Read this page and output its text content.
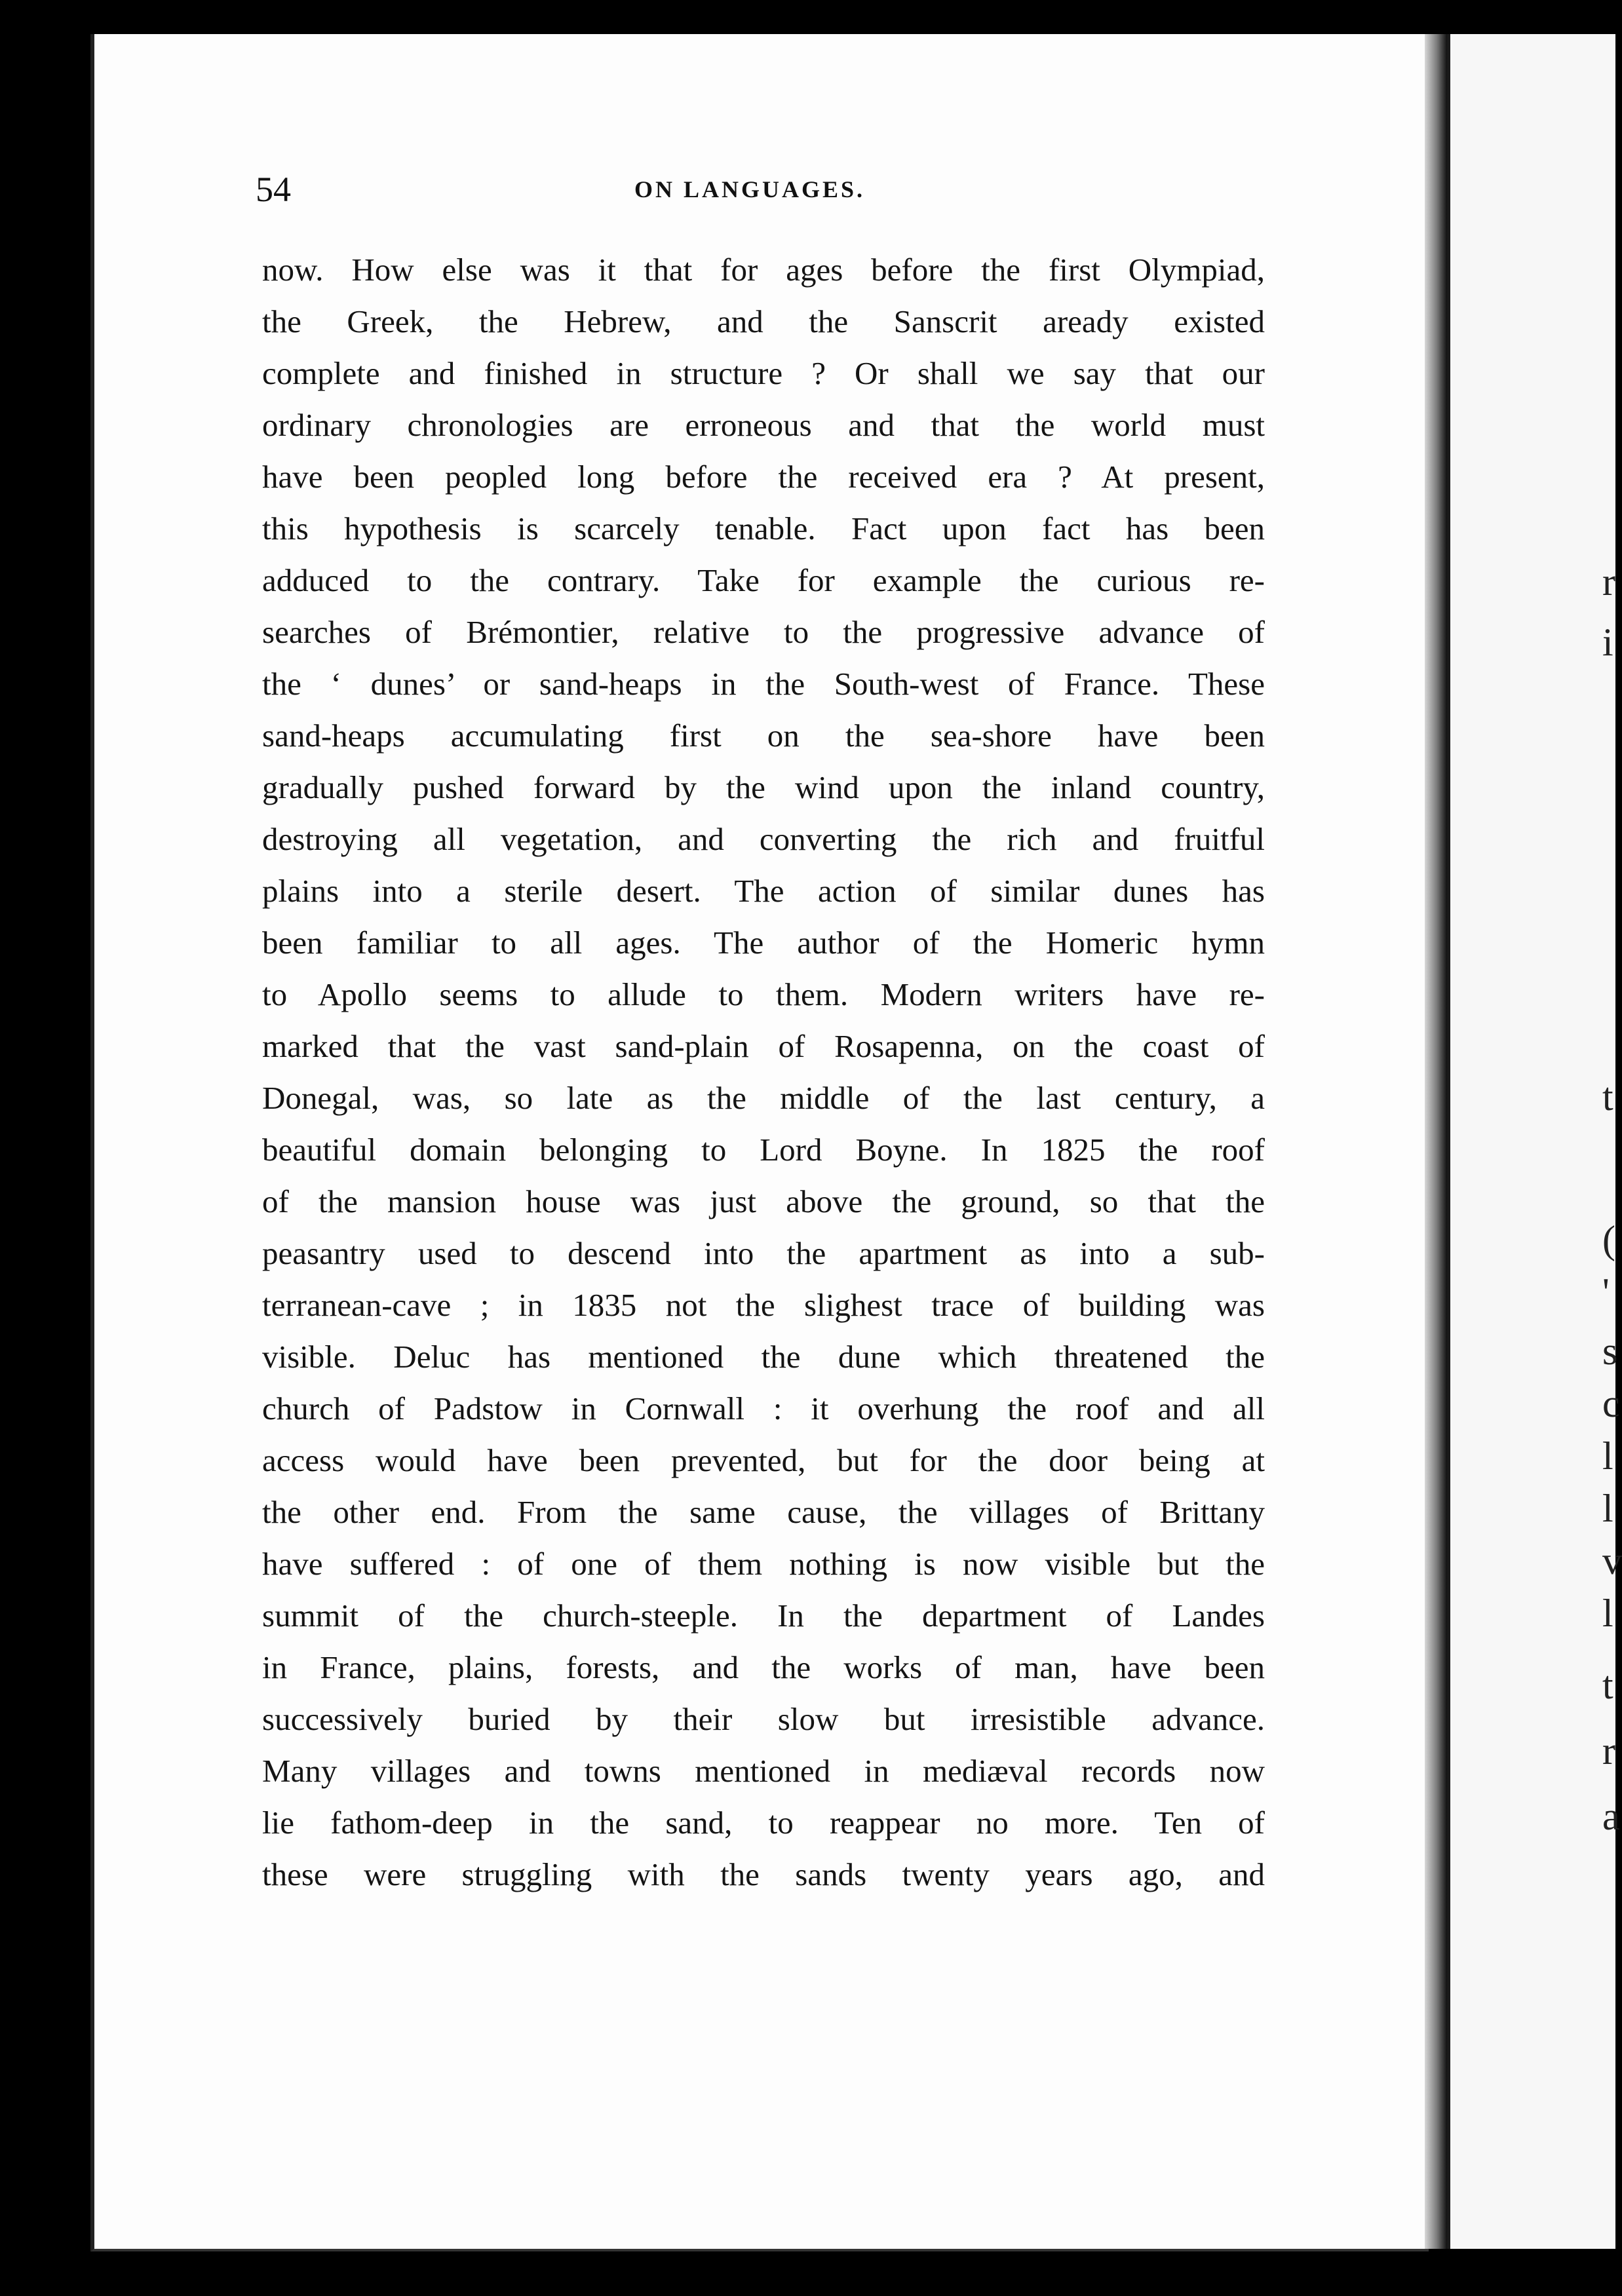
r
i
t
(
'
s
c
l
l
v
l
t
r
a
54	ON LANGUAGES.
now. How else was it that for ages before the first Olympiad,
the Greek, the Hebrew, and the Sanscrit aready existed
complete and finished in structure ? Or shall we say that our
ordinary chronologies are erroneous and that the world must
have been peopled long before the received era ? At present,
this hypothesis is scarcely tenable. Fact upon fact has been
adduced to the contrary. Take for example the curious re-
searches of Brémontier, relative to the progressive advance of
the ‘ dunes’ or sand-heaps in the South-west of France. These
sand-heaps accumulating first on the sea-shore have been
gradually pushed forward by the wind upon the inland country,
destroying all vegetation, and converting the rich and fruitful
plains into a sterile desert. The action of similar dunes has
been familiar to all ages. The author of the Homeric hymn
to Apollo seems to allude to them. Modern writers have re-
marked that the vast sand-plain of Rosapenna, on the coast of
Donegal, was, so late as the middle of the last century, a
beautiful domain belonging to Lord Boyne. In 1825 the roof
of the mansion house was just above the ground, so that the
peasantry used to descend into the apartment as into a sub-
terranean-cave ; in 1835 not the slighest trace of building was
visible. Deluc has mentioned the dune which threatened the
church of Padstow in Cornwall : it overhung the roof and all
access would have been prevented, but for the door being at
the other end. From the same cause, the villages of Brittany
have suffered : of one of them nothing is now visible but the
summit of the church-steeple. In the department of Landes
in France, plains, forests, and the works of man, have been
successively buried by their slow but irresistible advance.
Many villages and towns mentioned in mediæval records now
lie fathom-deep in the sand, to reappear no more. Ten of
these were struggling with the sands twenty years ago, and
